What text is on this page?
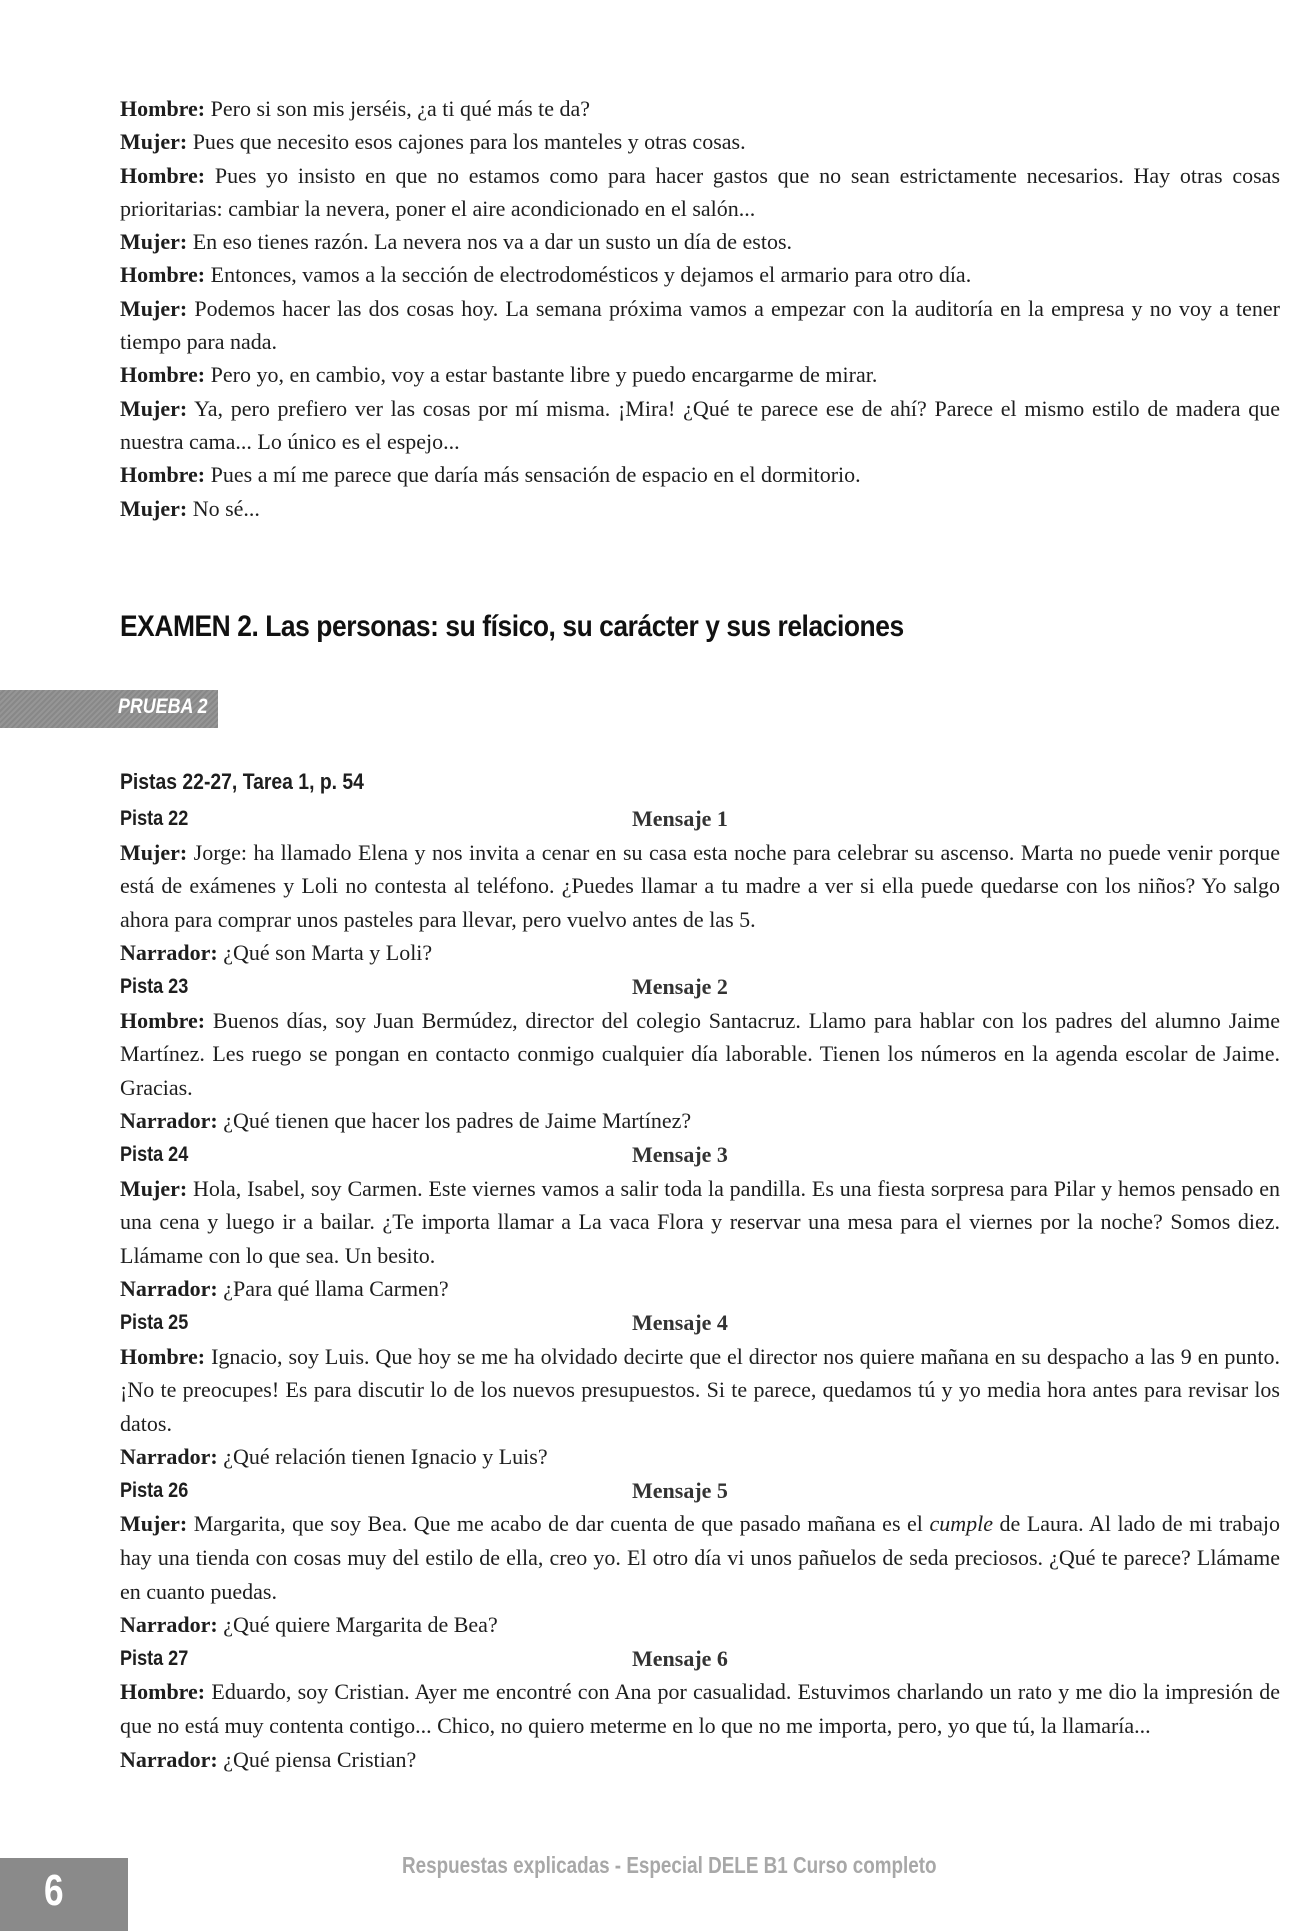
Hombre: Pero si son mis jerséis, ¿a ti qué más te da?

Mujer: Pues que necesito esos cajones para los manteles y otras cosas.

Hombre: Pues yo insisto en que no estamos como para hacer gastos que no sean estrictamente necesarios. Hay otras cosas prioritarias: cambiar la nevera, poner el aire acondicionado en el salón...

Mujer: En eso tienes razón. La nevera nos va a dar un susto un día de estos.

Hombre: Entonces, vamos a la sección de electrodomésticos y dejamos el armario para otro día.

Mujer: Podemos hacer las dos cosas hoy. La semana próxima vamos a empezar con la auditoría en la empresa y no voy a tener tiempo para nada.

Hombre: Pero yo, en cambio, voy a estar bastante libre y puedo encargarme de mirar.

Mujer: Ya, pero prefiero ver las cosas por mí misma. ¡Mira! ¿Qué te parece ese de ahí? Parece el mismo estilo de madera que nuestra cama... Lo único es el espejo...

Hombre: Pues a mí me parece que daría más sensación de espacio en el dormitorio.

Mujer: No sé...

EXAMEN 2. Las personas: su físico, su carácter y sus relaciones
PRUEBA 2
Pistas 22-27, Tarea 1, p. 54
Pista 22	Mensaje 1

Mujer: Jorge: ha llamado Elena y nos invita a cenar en su casa esta noche para celebrar su ascenso. Marta no puede venir porque está de exámenes y Loli no contesta al teléfono. ¿Puedes llamar a tu madre a ver si ella puede quedarse con los niños? Yo salgo ahora para comprar unos pasteles para llevar, pero vuelvo antes de las 5.

Narrador: ¿Qué son Marta y Loli?

Pista 23	Mensaje 2

Hombre: Buenos días, soy Juan Bermúdez, director del colegio Santacruz. Llamo para hablar con los padres del alumno Jaime Martínez. Les ruego se pongan en contacto conmigo cualquier día laborable. Tienen los números en la agenda escolar de Jaime. Gracias.

Narrador: ¿Qué tienen que hacer los padres de Jaime Martínez?

Pista 24	Mensaje 3

Mujer: Hola, Isabel, soy Carmen. Este viernes vamos a salir toda la pandilla. Es una fiesta sorpresa para Pilar y hemos pensado en una cena y luego ir a bailar. ¿Te importa llamar a La vaca Flora y reservar una mesa para el viernes por la noche? Somos diez. Llámame con lo que sea. Un besito.

Narrador: ¿Para qué llama Carmen?

Pista 25	Mensaje 4

Hombre: Ignacio, soy Luis. Que hoy se me ha olvidado decirte que el director nos quiere mañana en su despacho a las 9 en punto. ¡No te preocupes! Es para discutir lo de los nuevos presupuestos. Si te parece, quedamos tú y yo media hora antes para revisar los datos.

Narrador: ¿Qué relación tienen Ignacio y Luis?

Pista 26	Mensaje 5

Mujer: Margarita, que soy Bea. Que me acabo de dar cuenta de que pasado mañana es el cumple de Laura. Al lado de mi trabajo hay una tienda con cosas muy del estilo de ella, creo yo. El otro día vi unos pañuelos de seda preciosos. ¿Qué te parece? Llámame en cuanto puedas.

Narrador: ¿Qué quiere Margarita de Bea?

Pista 27	Mensaje 6

Hombre: Eduardo, soy Cristian. Ayer me encontré con Ana por casualidad. Estuvimos charlando un rato y me dio la impresión de que no está muy contenta contigo... Chico, no quiero meterme en lo que no me importa, pero, yo que tú, la llamaría...

Narrador: ¿Qué piensa Cristian?

6
Respuestas explicadas - Especial DELE B1 Curso completo
